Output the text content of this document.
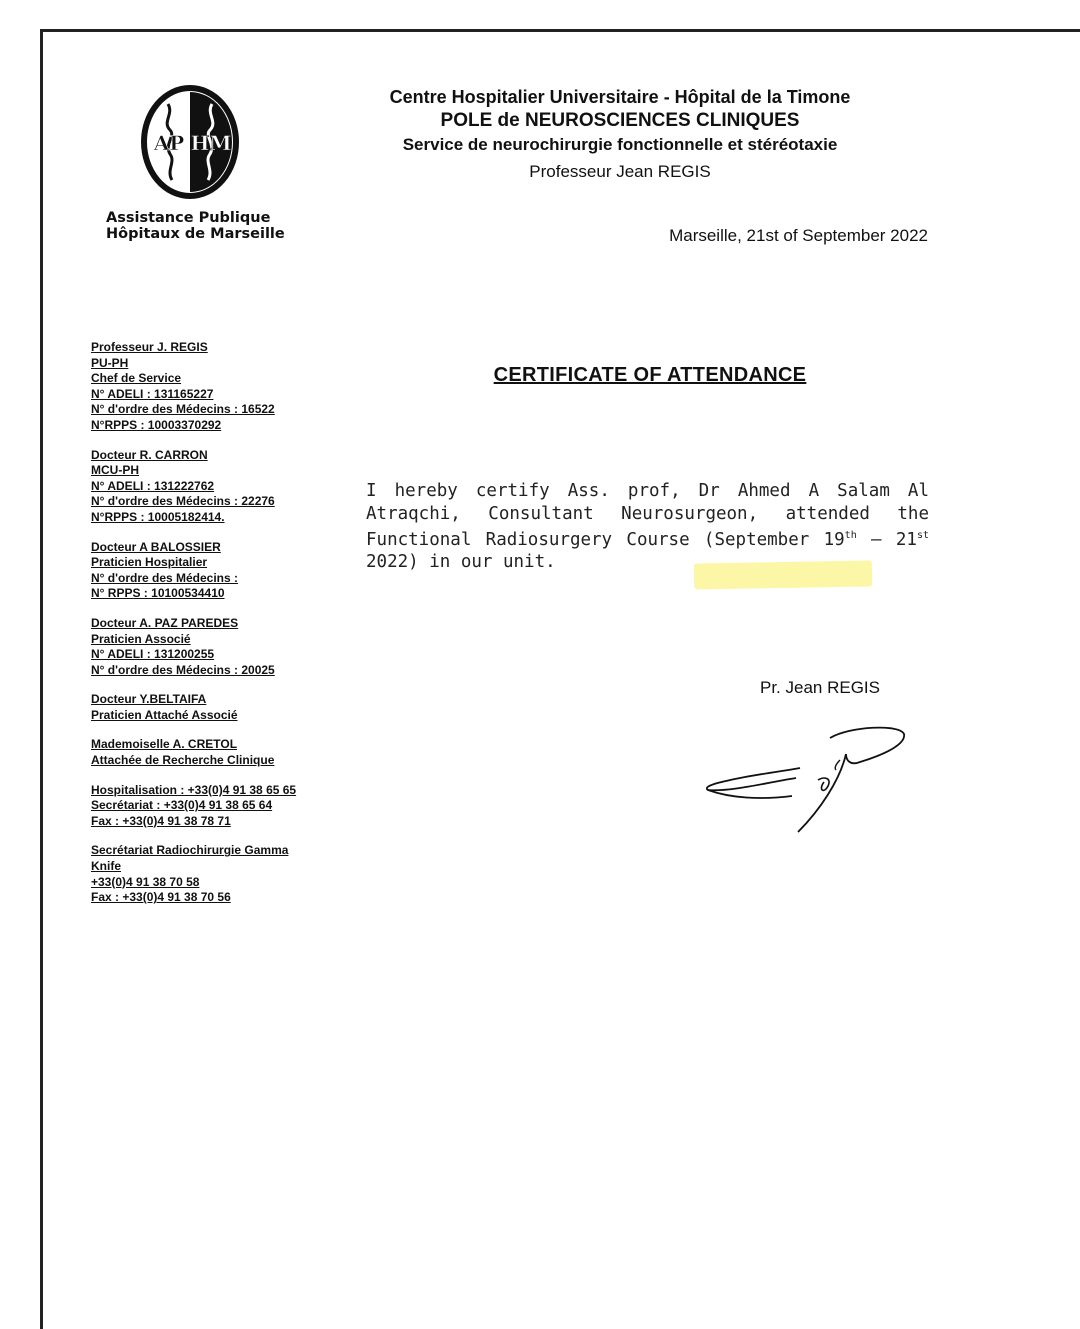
AP HM
Assistance Publique
Hôpitaux de Marseille
Centre Hospitalier Universitaire - Hôpital de la Timone
POLE de NEUROSCIENCES CLINIQUES
Service de neurochirurgie fonctionnelle et stéréotaxie
Professeur Jean REGIS
Marseille, 21st of September 2022
Professeur J. REGIS
PU-PH
Chef de Service
N° ADELI : 131165227
N° d'ordre des Médecins : 16522
N°RPPS : 10003370292
Docteur R. CARRON
MCU-PH
N° ADELI : 131222762
N° d'ordre des Médecins : 22276
N°RPPS : 10005182414.
Docteur A BALOSSIER
Praticien Hospitalier
N° d'ordre des Médecins :
N° RPPS : 10100534410
Docteur A. PAZ PAREDES
Praticien Associé
N° ADELI : 131200255
N° d'ordre des Médecins : 20025
Docteur Y.BELTAIFA
Praticien Attaché Associé
Mademoiselle A. CRETOL
Attachée de Recherche Clinique
Hospitalisation : +33(0)4 91 38 65 65
Secrétariat : +33(0)4 91 38 65 64
Fax : +33(0)4 91 38 78 71
Secrétariat Radiochirurgie Gamma
Knife
+33(0)4 91 38 70 58
Fax : +33(0)4 91 38 70 56
CERTIFICATE OF ATTENDANCE
I hereby certify Ass. prof, Dr Ahmed A Salam Al Atraqchi, Consultant Neurosurgeon, attended the Functional Radiosurgery Course (September 19th – 21st 2022) in our unit.
Pr. Jean REGIS
